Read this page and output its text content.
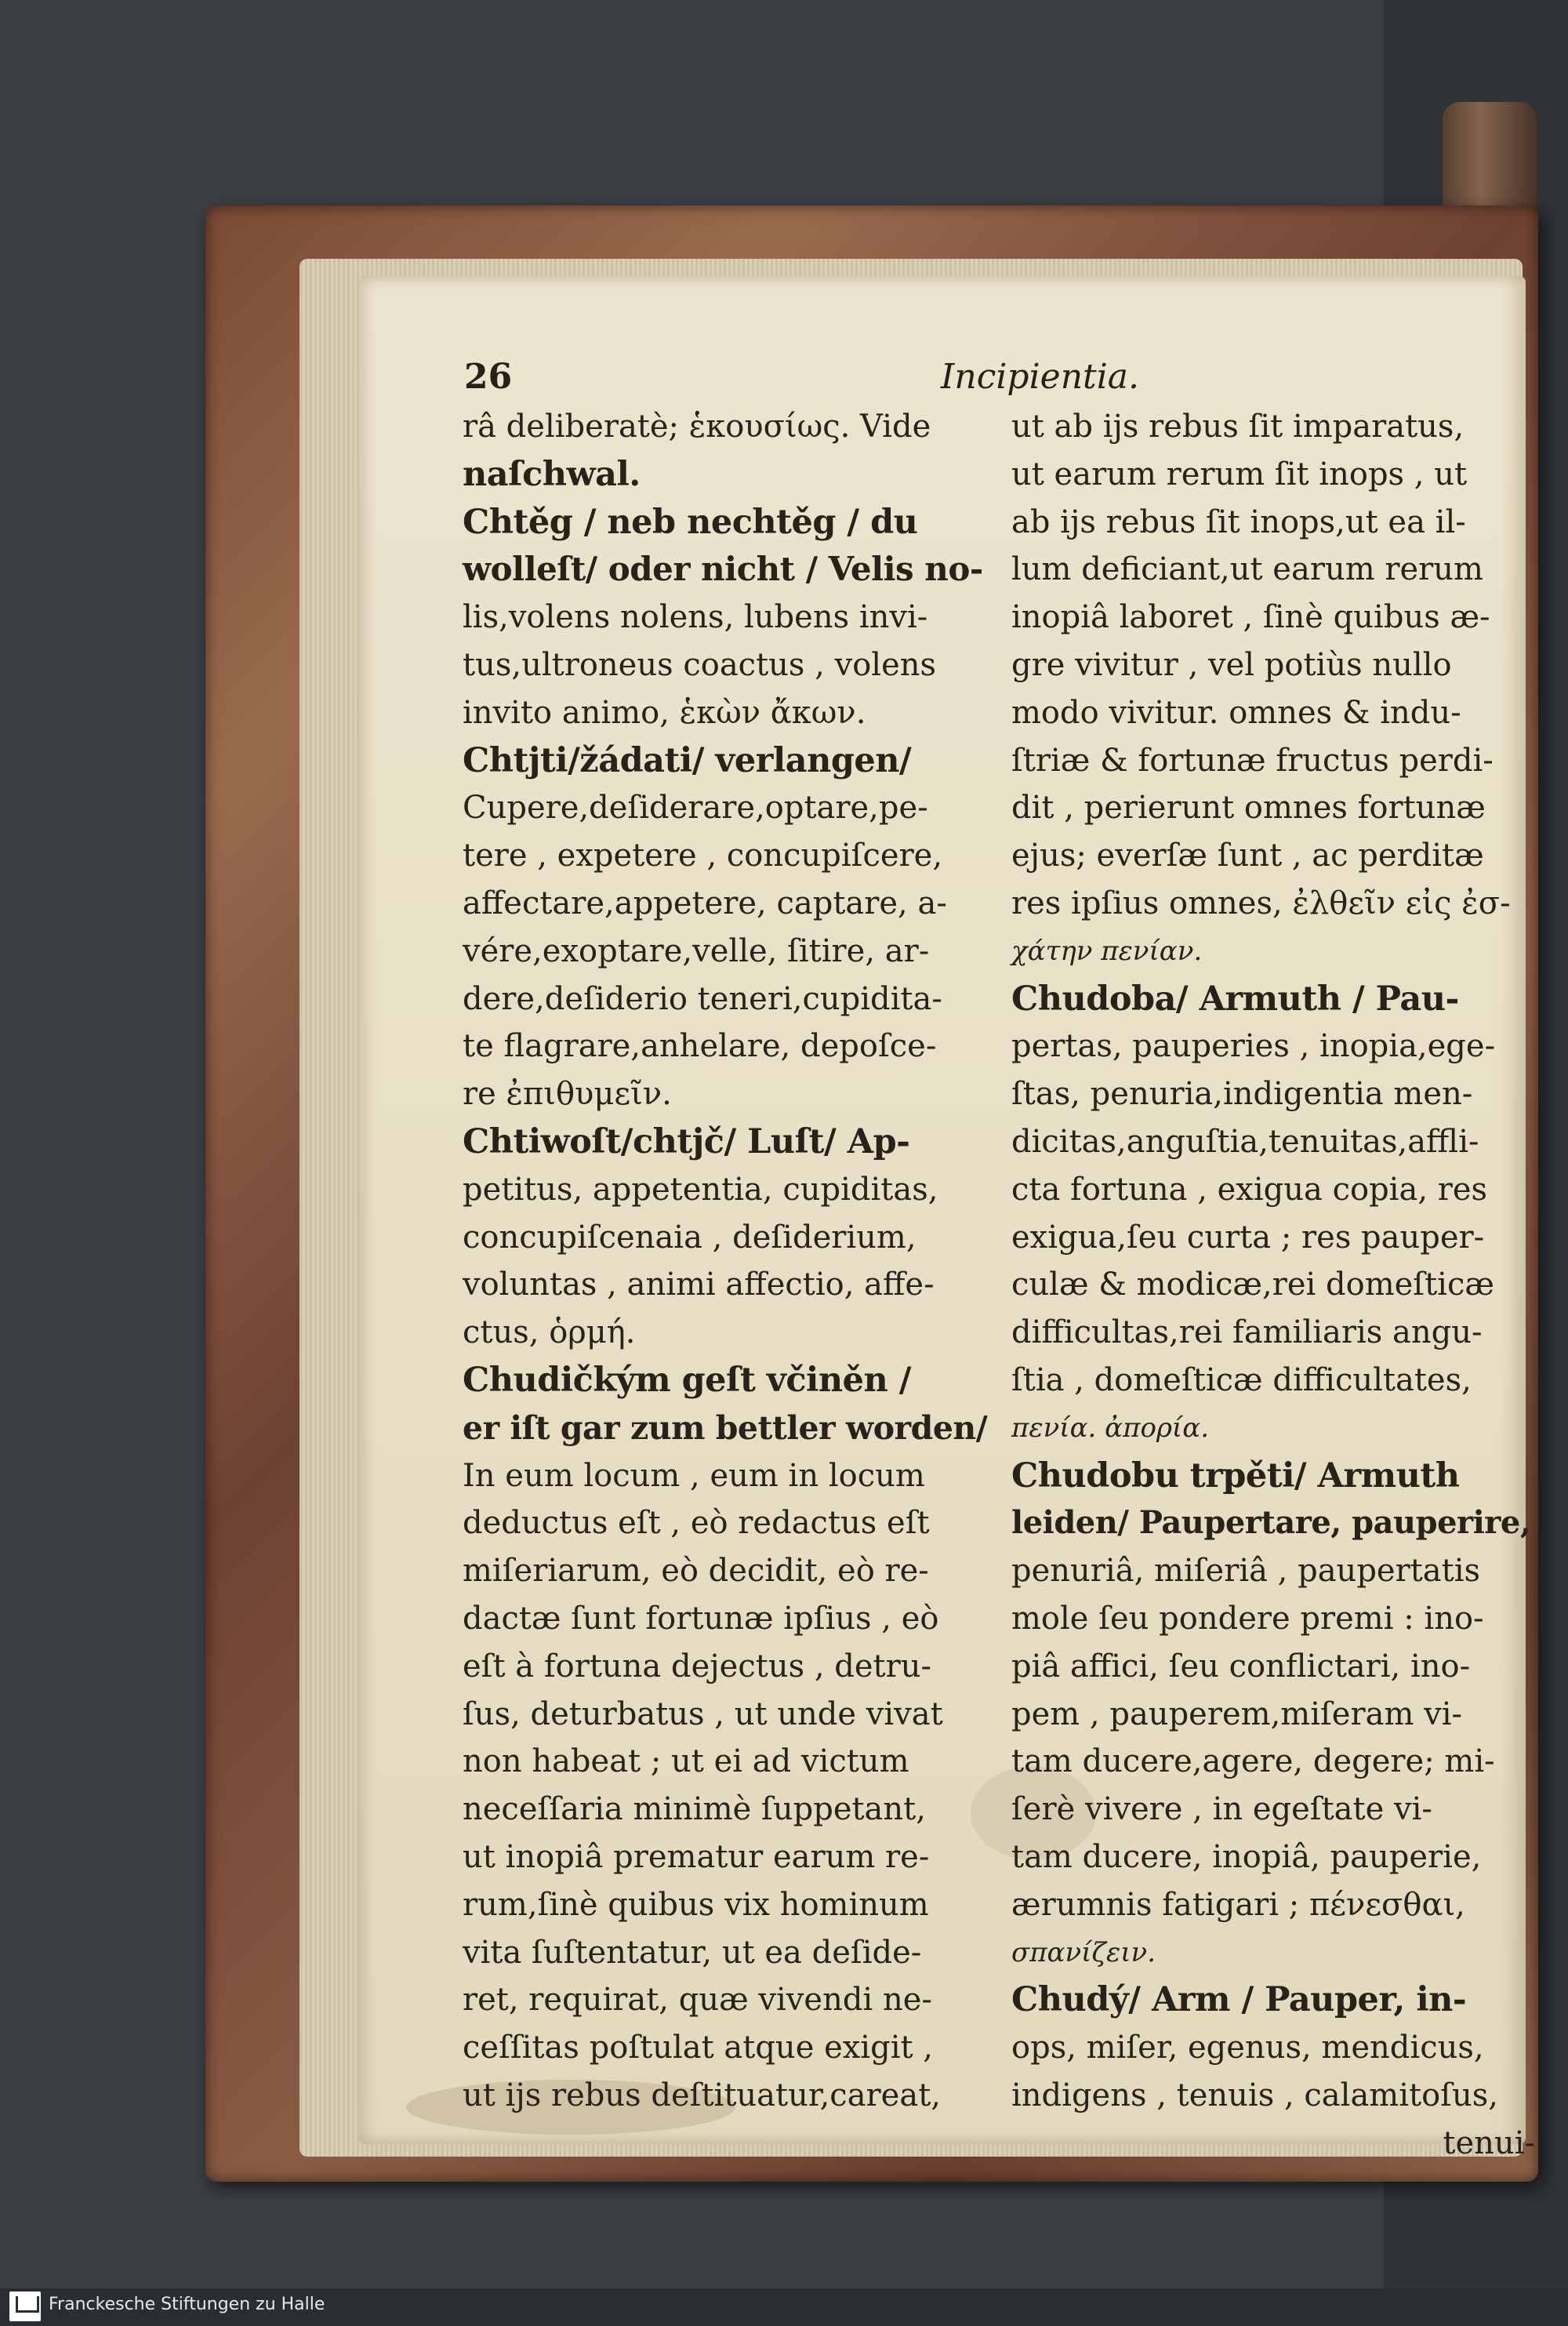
26	Incipientia.
râ deliberatè; ἑκουσίως. Vide
naſchwal.
Chtěg / neb nechtěg / du
wolleſt/ oder nicht / Velis no-
lis,volens nolens, lubens invi-
tus,ultroneus coactus , volens
invito animo, ἑκὼν ἄκων.
Chtjti/žádati/ verlangen/
Cupere,deſiderare,optare,pe-
tere , expetere , concupiſcere,
affectare,appetere, captare, a-
vére,exoptare,velle, ſitire, ar-
dere,deſiderio teneri,cupidita-
te flagrare,anhelare, depoſce-
re ἐπιθυμεῖν.
Chtiwoſt/chtjč/ Luſt/ Ap-
petitus, appetentia, cupiditas,
concupiſcenaia , deſiderium,
voluntas , animi affectio, affe-
ctus, ὁρμή.
Chudičkým geſt včiněn /
er iſt gar zum bettler worden/
In eum locum , eum in locum
deductus eſt , eò redactus eſt
miſeriarum, eò decidit, eò re-
dactæ ſunt fortunæ ipſius , eò
eſt à fortuna dejectus , detru-
ſus, deturbatus , ut unde vivat
non habeat ; ut ei ad victum
neceſſaria minimè ſuppetant,
ut inopiâ prematur earum re-
rum,ſinè quibus vix hominum
vita ſuſtentatur, ut ea deſide-
ret, requirat, quæ vivendi ne-
ceſſitas poſtulat atque exigit ,
ut ijs rebus deſtituatur,careat,
ut ab ijs rebus ſit imparatus,
ut earum rerum ſit inops , ut
ab ijs rebus ſit inops,ut ea il-
lum deficiant,ut earum rerum
inopiâ laboret , ſinè quibus æ-
gre vivitur , vel potiùs nullo
modo vivitur. omnes & indu-
ſtriæ & fortunæ fructus perdi-
dit , perierunt omnes fortunæ
ejus; everſæ ſunt , ac perditæ
res ipſius omnes, ἐλθεῖν εἰς ἐσ-
χάτην πενίαν.
Chudoba/ Armuth / Pau-
pertas, pauperies , inopia,ege-
ſtas, penuria,indigentia men-
dicitas,anguſtia,tenuitas,affli-
cta fortuna , exigua copia, res
exigua,ſeu curta ; res pauper-
culæ & modicæ,rei domeſticæ
difficultas,rei familiaris angu-
ſtia , domeſticæ difficultates,
πενία. ἀπορία.
Chudobu trpěti/ Armuth
leiden/ Paupertare, pauperire,
penuriâ, miſeriâ , paupertatis
mole ſeu pondere premi : ino-
piâ affici, ſeu conflictari, ino-
pem , pauperem,miſeram vi-
tam ducere,agere, degere; mi-
ſerè vivere , in egeſtate vi-
tam ducere, inopiâ, pauperie,
ærumnis fatigari ; πένεσθαι,
σπανίζειν.
Chudý/ Arm / Pauper, in-
ops, miſer, egenus, mendicus,
indigens , tenuis , calamitoſus,
tenui-
Franckesche Stiftungen zu Halle
